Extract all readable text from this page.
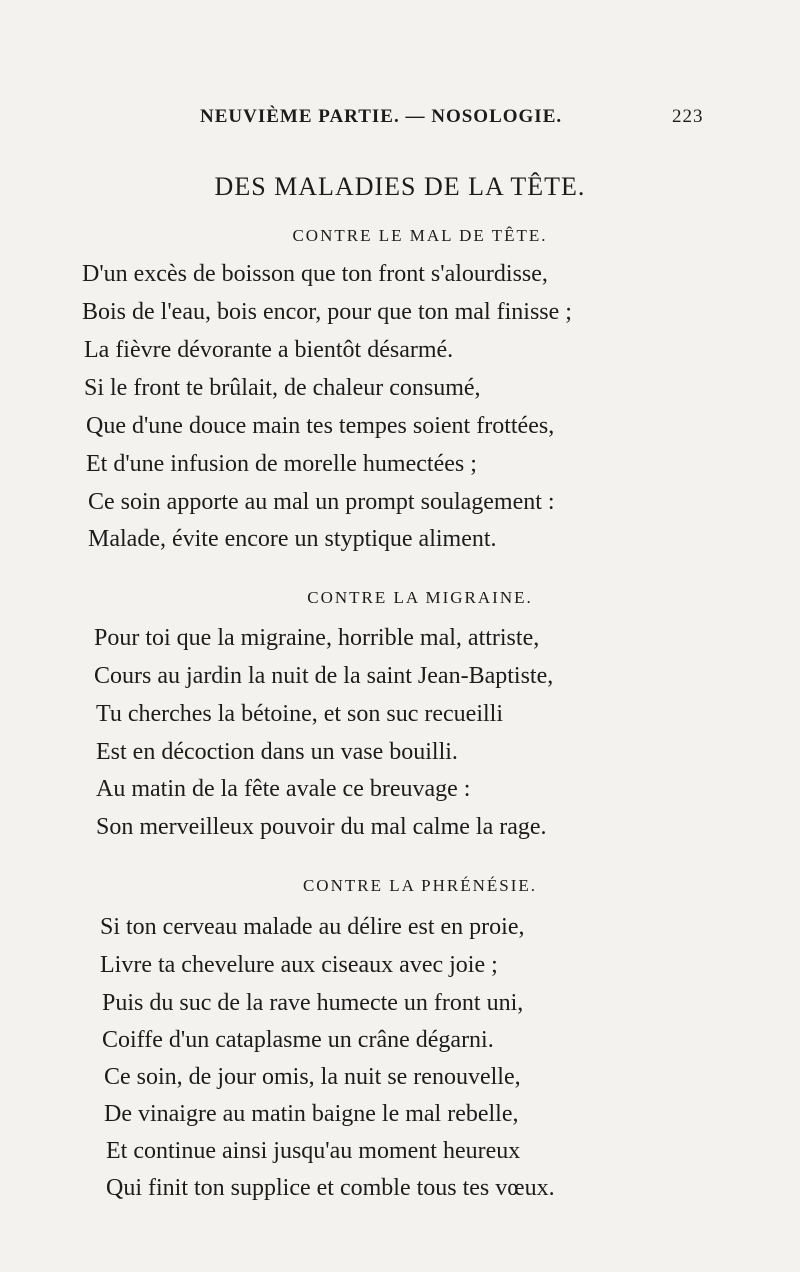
NEUVIÈME PARTIE. — NOSOLOGIE.	223
DES MALADIES DE LA TÊTE.
CONTRE LE MAL DE TÊTE.
D'un excès de boisson que ton front s'alourdisse,
Bois de l'eau, bois encor, pour que ton mal finisse ;
La fièvre dévorante a bientôt désarmé.
Si le front te brûlait, de chaleur consumé,
Que d'une douce main tes tempes soient frottées,
Et d'une infusion de morelle humectées ;
Ce soin apporte au mal un prompt soulagement :
Malade, évite encore un styptique aliment.
CONTRE LA MIGRAINE.
Pour toi que la migraine, horrible mal, attriste,
Cours au jardin la nuit de la saint Jean-Baptiste,
Tu cherches la bétoine, et son suc recueilli
Est en décoction dans un vase bouilli.
Au matin de la fête avale ce breuvage :
Son merveilleux pouvoir du mal calme la rage.
CONTRE LA PHRÉNÉSIE.
Si ton cerveau malade au délire est en proie,
Livre ta chevelure aux ciseaux avec joie ;
Puis du suc de la rave humecte un front uni,
Coiffe d'un cataplasme un crâne dégarni.
Ce soin, de jour omis, la nuit se renouvelle,
De vinaigre au matin baigne le mal rebelle,
Et continue ainsi jusqu'au moment heureux
Qui finit ton supplice et comble tous tes vœux.
